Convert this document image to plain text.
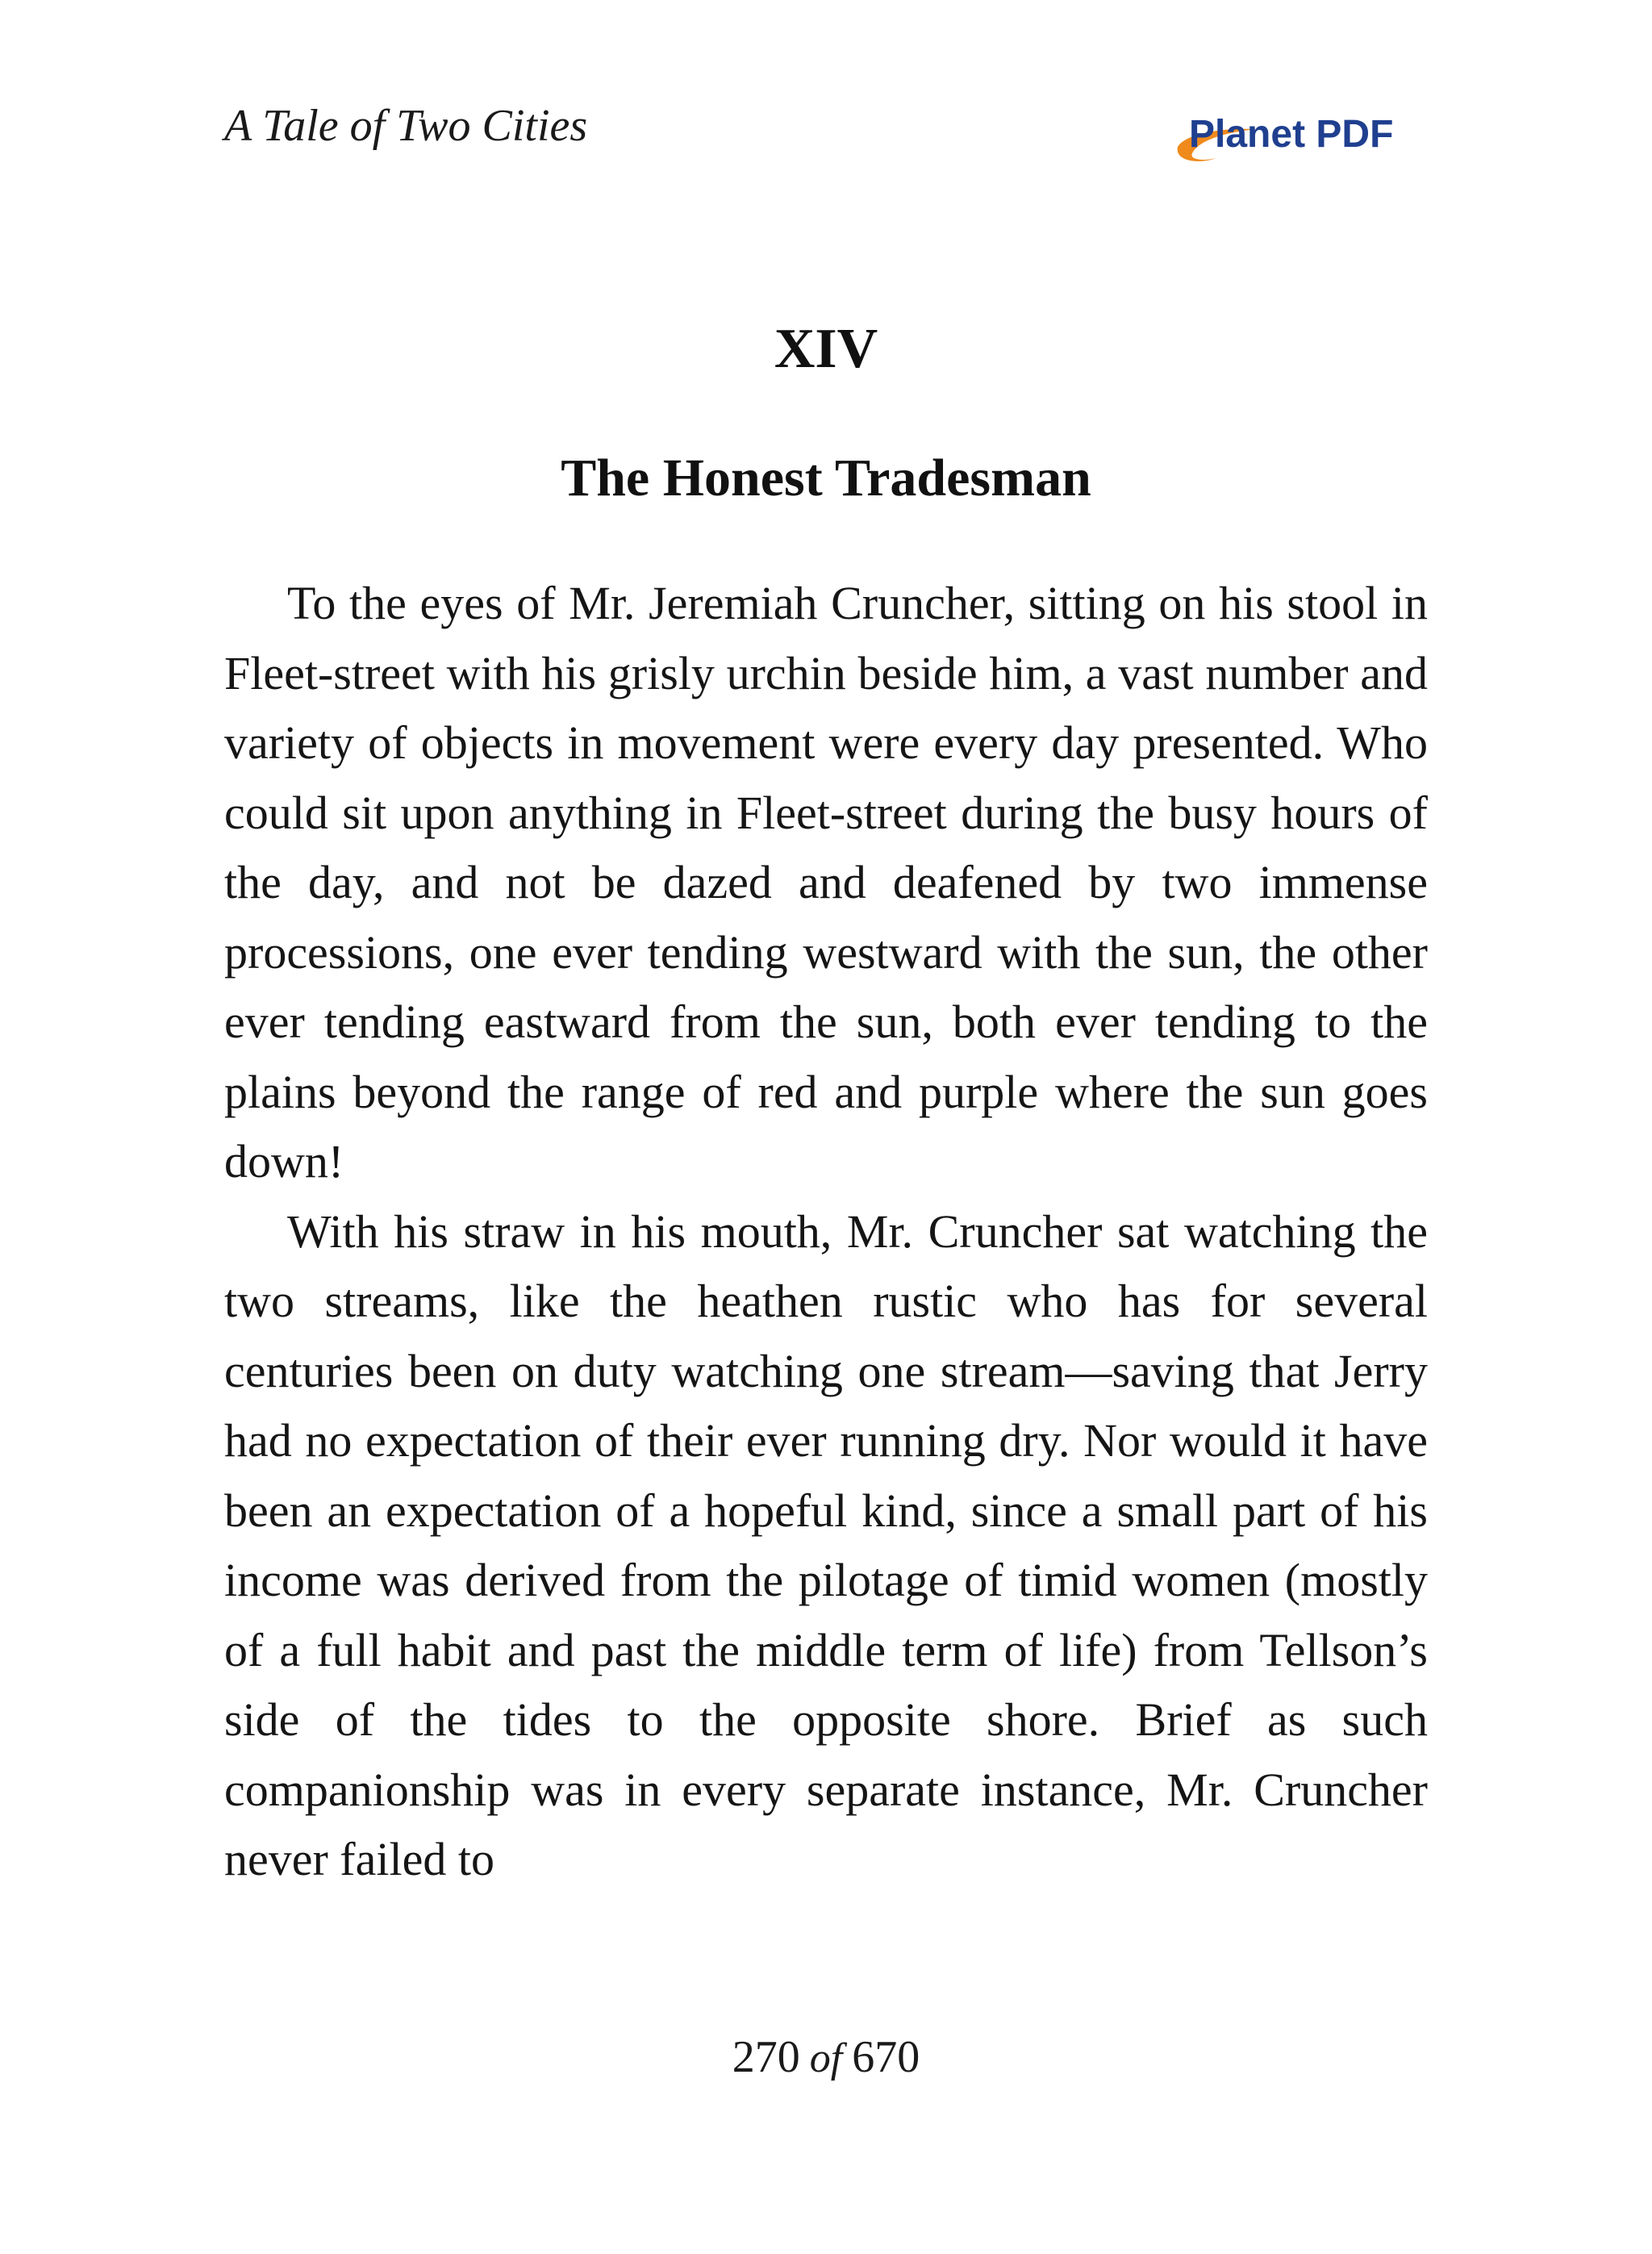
A Tale of Two Cities	Planet PDF
XIV
The Honest Tradesman

To the eyes of Mr. Jeremiah Cruncher, sitting on his stool in Fleet-street with his grisly urchin beside him, a vast number and variety of objects in movement were every day presented. Who could sit upon anything in Fleet-street during the busy hours of the day, and not be dazed and deafened by two immense processions, one ever tending westward with the sun, the other ever tending eastward from the sun, both ever tending to the plains beyond the range of red and purple where the sun goes down!

With his straw in his mouth, Mr. Cruncher sat watching the two streams, like the heathen rustic who has for several centuries been on duty watching one stream—saving that Jerry had no expectation of their ever running dry. Nor would it have been an expectation of a hopeful kind, since a small part of his income was derived from the pilotage of timid women (mostly of a full habit and past the middle term of life) from Tellson’s side of the tides to the opposite shore. Brief as such companionship was in every separate instance, Mr. Cruncher never failed to

270 of 670
